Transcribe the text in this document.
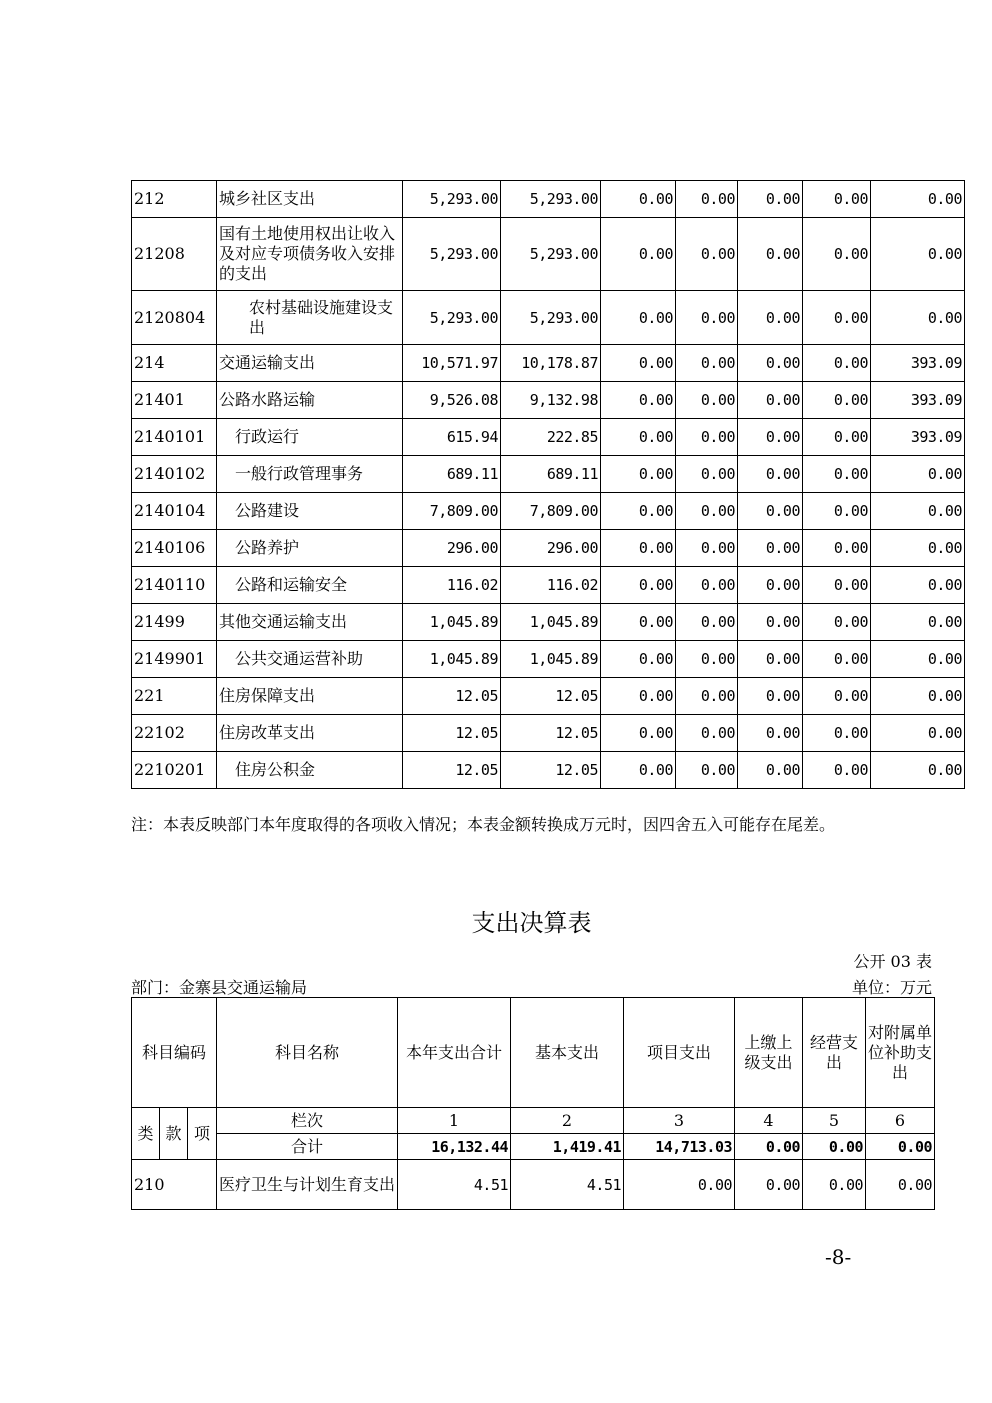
212	城乡社区支出	5,293.00	5,293.00	0.00	0.00	0.00	0.00	0.00
21208	国有土地使用权出让收入及对应专项债务收入安排的支出	5,293.00	5,293.00	0.00	0.00	0.00	0.00	0.00
2120804	农村基础设施建设支出	5,293.00	5,293.00	0.00	0.00	0.00	0.00	0.00
214	交通运输支出	10,571.97	10,178.87	0.00	0.00	0.00	0.00	393.09
21401	公路水路运输	9,526.08	9,132.98	0.00	0.00	0.00	0.00	393.09
2140101	行政运行	615.94	222.85	0.00	0.00	0.00	0.00	393.09
2140102	一般行政管理事务	689.11	689.11	0.00	0.00	0.00	0.00	0.00
2140104	公路建设	7,809.00	7,809.00	0.00	0.00	0.00	0.00	0.00
2140106	公路养护	296.00	296.00	0.00	0.00	0.00	0.00	0.00
2140110	公路和运输安全	116.02	116.02	0.00	0.00	0.00	0.00	0.00
21499	其他交通运输支出	1,045.89	1,045.89	0.00	0.00	0.00	0.00	0.00
2149901	公共交通运营补助	1,045.89	1,045.89	0.00	0.00	0.00	0.00	0.00
221	住房保障支出	12.05	12.05	0.00	0.00	0.00	0.00	0.00
22102	住房改革支出	12.05	12.05	0.00	0.00	0.00	0.00	0.00
2210201	住房公积金	12.05	12.05	0.00	0.00	0.00	0.00	0.00
注：本表反映部门本年度取得的各项收入情况；本表金额转换成万元时，因四舍五入可能存在尾差。
支出决算表
公开 03 表
部门：金寨县交通运输局	单位：万元
科目编码			科目名称	本年支出合计	基本支出	项目支出	上缴上级支出	经营支出	对附属单位补助支出
类	款	项	栏次	1	2	3	4	5	6
			合计	16,132.44	1,419.41	14,713.03	0.00	0.00	0.00
210			医疗卫生与计划生育支出	4.51	4.51	0.00	0.00	0.00	0.00
-8-
